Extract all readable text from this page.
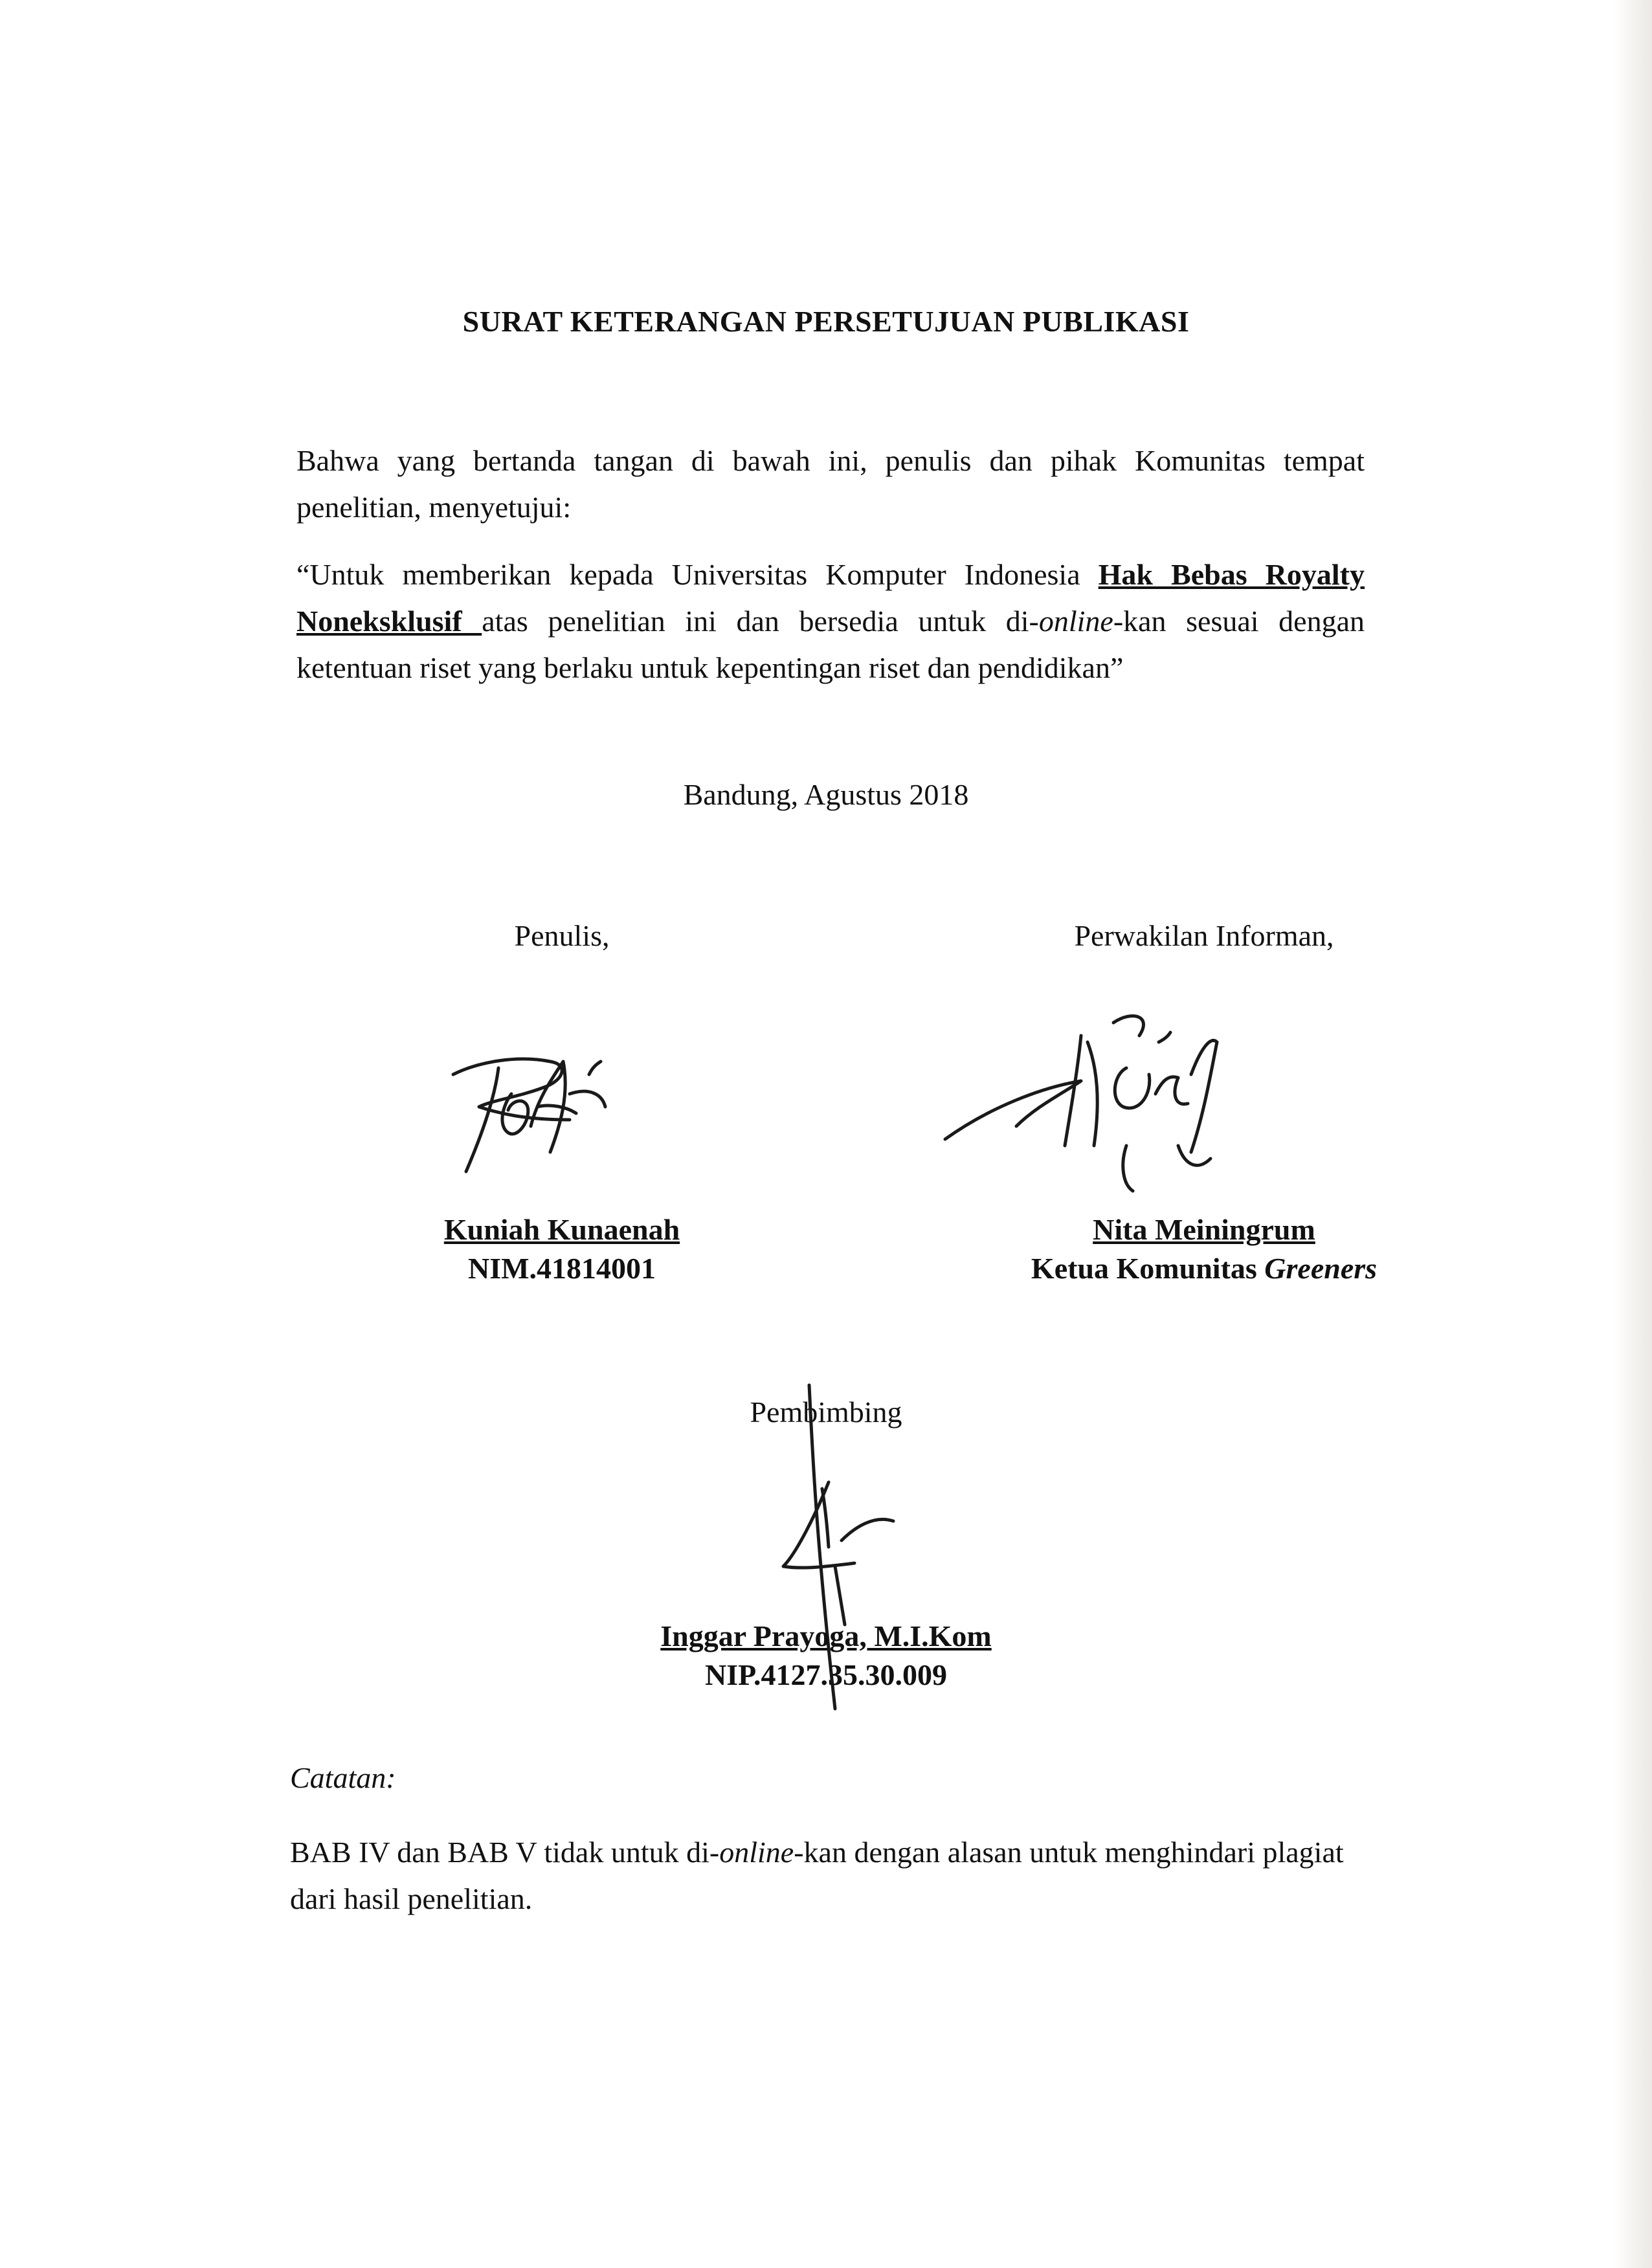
SURAT KETERANGAN PERSETUJUAN PUBLIKASI

Bahwa yang bertanda tangan di bawah ini, penulis dan pihak Komunitas tempat penelitian, menyetujui:

“Untuk memberikan kepada Universitas Komputer Indonesia Hak Bebas Royalty Noneksklusif atas penelitian ini dan bersedia untuk di-online-kan sesuai dengan ketentuan riset yang berlaku untuk kepentingan riset dan pendidikan”

Bandung, Agustus 2018
Penulis,
Kuniah Kunaenah
NIM.41814001
Perwakilan Informan,
Nita Meiningrum
Ketua Komunitas Greeners
Pembimbing
Inggar Prayoga, M.I.Kom
NIP.4127.35.30.009
Catatan:

BAB IV dan BAB V tidak untuk di-online-kan dengan alasan untuk menghindari plagiat dari hasil penelitian.
